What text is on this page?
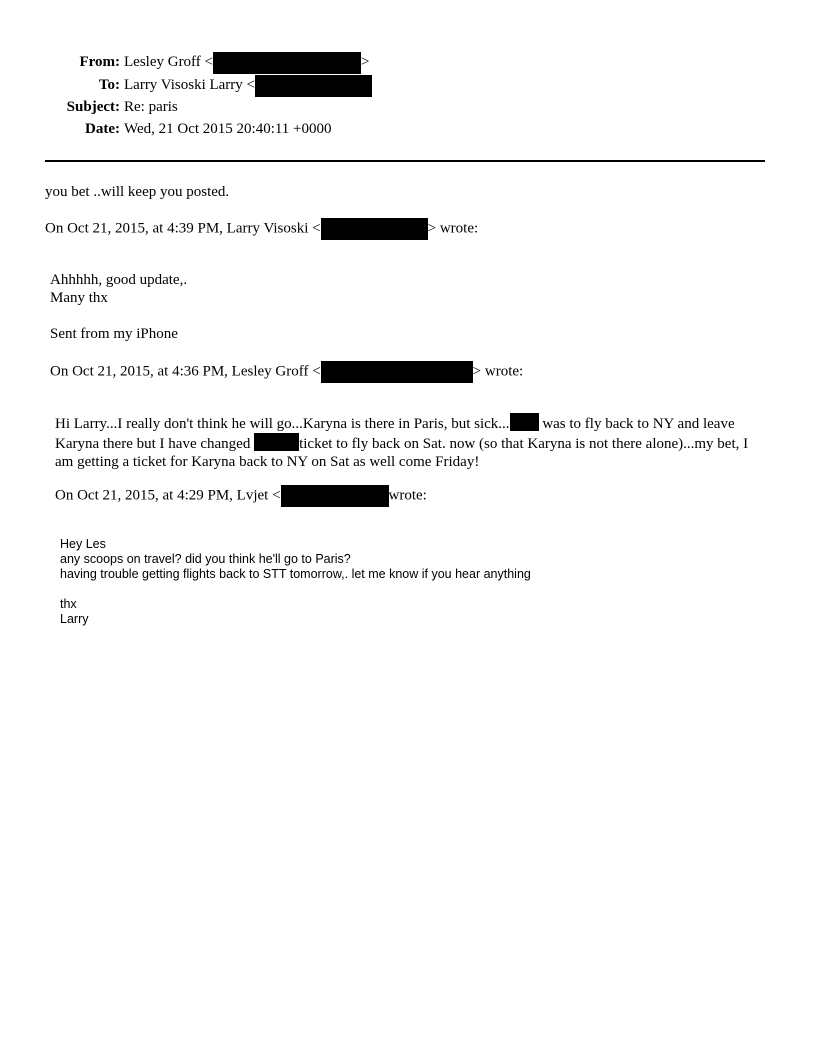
From: Lesley Groff <	>
To: Larry Visoski Larry <
Subject: Re: paris
Date: Wed, 21 Oct 2015 20:40:11 +0000
you bet ..will keep you posted.
On Oct 21, 2015, at 4:39 PM, Larry Visoski <	> wrote:
Ahhhhh, good update,.
Many thx
Sent from my iPhone
On Oct 21, 2015, at 4:36 PM, Lesley Groff <	> wrote:
Hi Larry...I really don't think he will go...Karyna is there in Paris, but sick... was to fly back to NY and leave Karyna there but I have changed	ticket to fly back on Sat. now (so that Karyna is not there alone)...my bet, I am getting a ticket for Karyna back to NY on Sat as well come Friday!
On Oct 21, 2015, at 4:29 PM, Lvjet <	wrote:
Hey Les
any scoops on travel? did you think he'll go to Paris?
having trouble getting flights back to STT tomorrow,. let me know if you hear anything
thx
Larry
